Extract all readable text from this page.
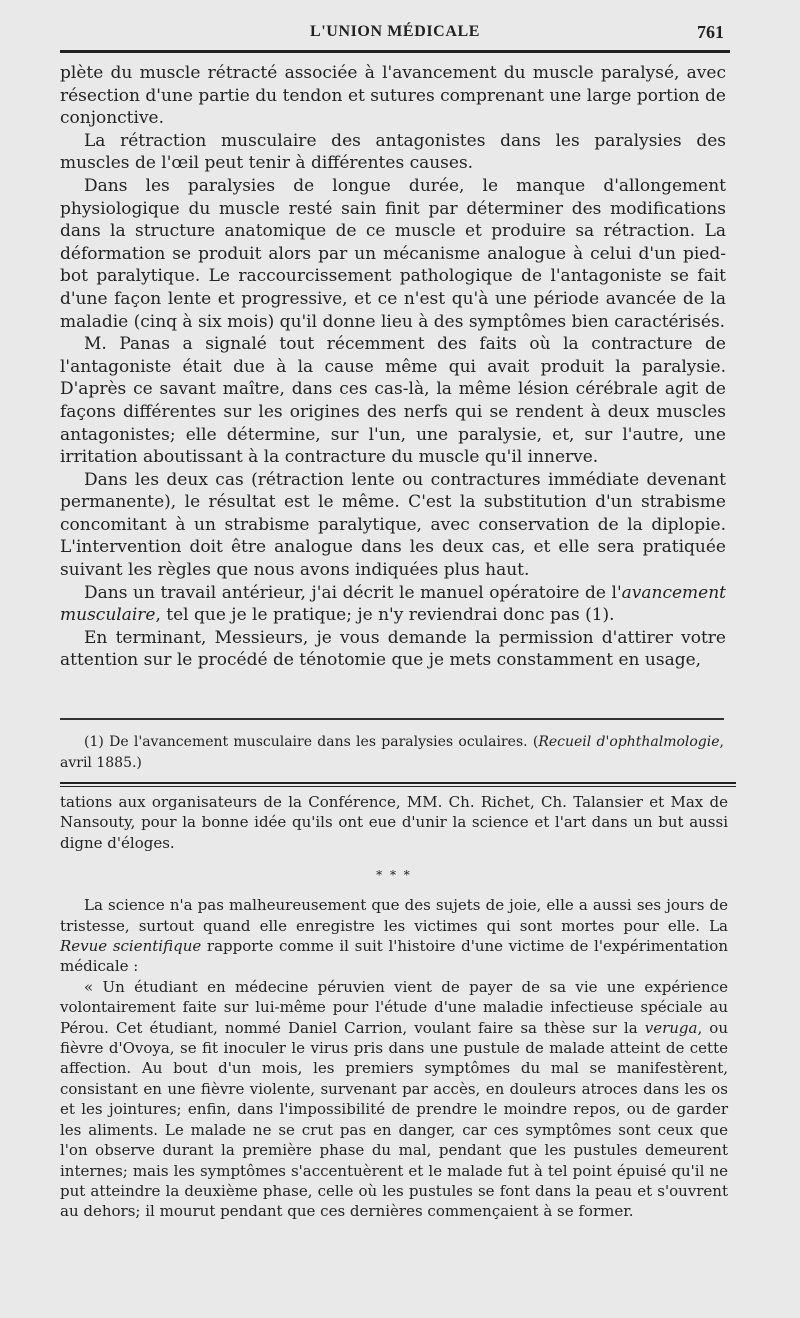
L'UNION MÉDICALE	761

plète du muscle rétracté associée à l'avancement du muscle paralysé, avec résection d'une partie du tendon et sutures comprenant une large portion de conjonctive.

La rétraction musculaire des antagonistes dans les paralysies des muscles de l'œil peut tenir à différentes causes.

Dans les paralysies de longue durée, le manque d'allongement physiologique du muscle resté sain finit par déterminer des modifications dans la structure anatomique de ce muscle et produire sa rétraction. La déformation se produit alors par un mécanisme analogue à celui d'un pied-bot paralytique. Le raccourcissement pathologique de l'antagoniste se fait d'une façon lente et progressive, et ce n'est qu'à une période avancée de la maladie (cinq à six mois) qu'il donne lieu à des symptômes bien caractérisés.

M. Panas a signalé tout récemment des faits où la contracture de l'antagoniste était due à la cause même qui avait produit la paralysie. D'après ce savant maître, dans ces cas-là, la même lésion cérébrale agit de façons différentes sur les origines des nerfs qui se rendent à deux muscles antagonistes; elle détermine, sur l'un, une paralysie, et, sur l'autre, une irritation aboutissant à la contracture du muscle qu'il innerve.

Dans les deux cas (rétraction lente ou contractures immédiate devenant permanente), le résultat est le même. C'est la substitution d'un strabisme concomitant à un strabisme paralytique, avec conservation de la diplopie. L'intervention doit être analogue dans les deux cas, et elle sera pratiquée suivant les règles que nous avons indiquées plus haut.

Dans un travail antérieur, j'ai décrit le manuel opératoire de l'avancement musculaire, tel que je le pratique; je n'y reviendrai donc pas (1).

En terminant, Messieurs, je vous demande la permission d'attirer votre attention sur le procédé de ténotomie que je mets constamment en usage,

(1) De l'avancement musculaire dans les paralysies oculaires. (Recueil d'ophthalmologie, avril 1885.)

tations aux organisateurs de la Conférence, MM. Ch. Richet, Ch. Talansier et Max de Nansouty, pour la bonne idée qu'ils ont eue d'unir la science et l'art dans un but aussi digne d'éloges.

* * *

La science n'a pas malheureusement que des sujets de joie, elle a aussi ses jours de tristesse, surtout quand elle enregistre les victimes qui sont mortes pour elle. La Revue scientifique rapporte comme il suit l'histoire d'une victime de l'expérimentation médicale :

« Un étudiant en médecine péruvien vient de payer de sa vie une expérience volontairement faite sur lui-même pour l'étude d'une maladie infectieuse spéciale au Pérou. Cet étudiant, nommé Daniel Carrion, voulant faire sa thèse sur la veruga, ou fièvre d'Ovoya, se fit inoculer le virus pris dans une pustule de malade atteint de cette affection. Au bout d'un mois, les premiers symptômes du mal se manifestèrent, consistant en une fièvre violente, survenant par accès, en douleurs atroces dans les os et les jointures; enfin, dans l'impossibilité de prendre le moindre repos, ou de garder les aliments. Le malade ne se crut pas en danger, car ces symptômes sont ceux que l'on observe durant la première phase du mal, pendant que les pustules demeurent internes; mais les symptômes s'accentuèrent et le malade fut à tel point épuisé qu'il ne put atteindre la deuxième phase, celle où les pustules se font dans la peau et s'ouvrent au dehors; il mourut pendant que ces dernières commençaient à se former.
